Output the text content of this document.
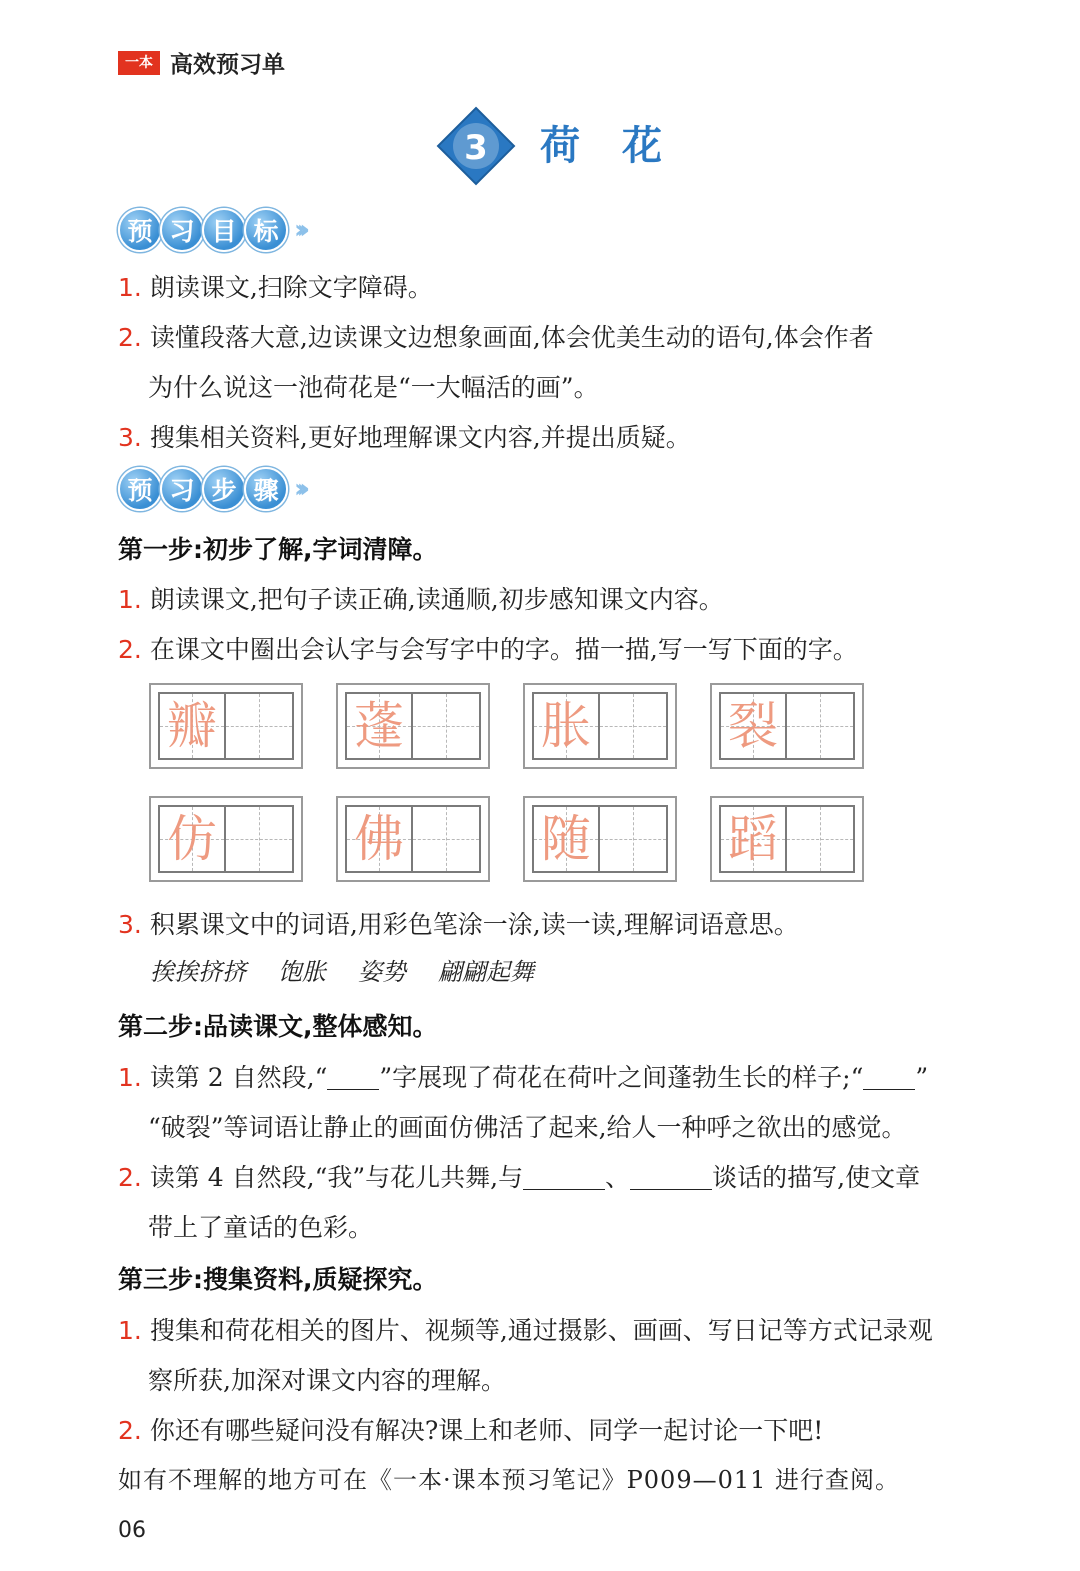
一本 高效预习单
3 荷花
预 习 目 标 ›››
1. 朗读课文,扫除文字障碍。
2. 读懂段落大意,边读课文边想象画面,体会优美生动的语句,体会作者
为什么说这一池荷花是“一大幅活的画”。
3. 搜集相关资料,更好地理解课文内容,并提出质疑。
预 习 步 骤 ›››
第一步:初步了解,字词清障。
1. 朗读课文,把句子读正确,读通顺,初步感知课文内容。
2. 在课文中圈出会认字与会写字中的字。描一描,写一写下面的字。
瓣	蓬	胀	裂
仿	佛	随	蹈
3. 积累课文中的词语,用彩色笔涂一涂,读一读,理解词语意思。
挨挨挤挤 饱胀 姿势 翩翩起舞
第二步:品读课文,整体感知。
1. 读第 2 自然段,“ ”字展现了荷花在荷叶之间蓬勃生长的样子;“ ”
“破裂”等词语让静止的画面仿佛活了起来,给人一种呼之欲出的感觉。
2. 读第 4 自然段,“我”与花儿共舞,与	、	谈话的描写,使文章
带上了童话的色彩。
第三步:搜集资料,质疑探究。
1. 搜集和荷花相关的图片、视频等,通过摄影、画画、写日记等方式记录观
察所获,加深对课文内容的理解。
2. 你还有哪些疑问没有解决?课上和老师、同学一起讨论一下吧!
如有不理解的地方可在《一本·课本预习笔记》P009—011 进行查阅。
06
